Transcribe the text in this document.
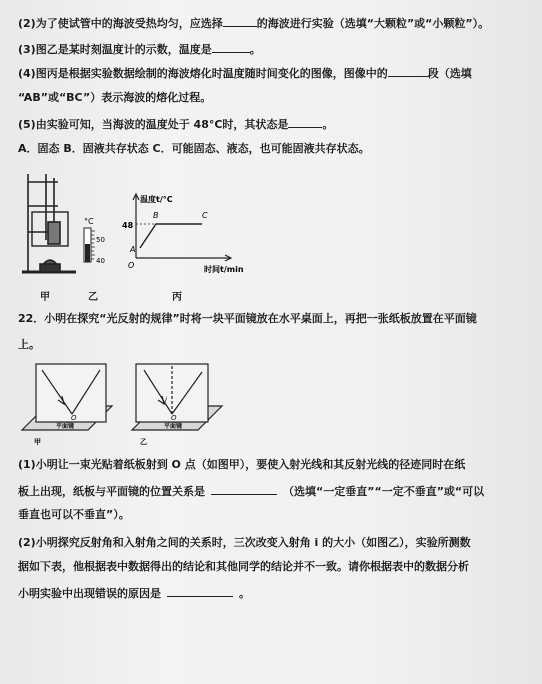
(2)为了使试管中的海波受热均匀，应选择	的海波进行实验（选填“大颗粒”或“小颗粒”）。
(3)图乙是某时刻温度计的示数，温度是	。
(4)图丙是根据实验数据绘制的海波熔化时温度随时间变化的图像，图像中的	段（选填
“AB”或“BC”）表示海波的熔化过程。
(5)由实验可知，当海波的温度处于 48°C时，其状态是	。
A．固态 B．固液共存状态 C．可能固态、液态，也可能固液共存状态。
°C
50
40
温度t/°C
48
A
B	C
O	时间t/min
甲	乙	丙
22．小明在探究“光反射的规律”时将一块平面镜放在水平桌面上，再把一张纸板放置在平面镜
上。
O
平面镜
i
O
平面镜
甲	乙
(1)小明让一束光贴着纸板射到 O 点（如图甲），要使入射光线和其反射光线的径迹同时在纸
板上出现，纸板与平面镜的位置关系是	（选填“一定垂直”“一定不垂直”或“可以
垂直也可以不垂直”）。
(2)小明探究反射角和入射角之间的关系时，三次改变入射角 i 的大小（如图乙），实验所测数
据如下表，他根据表中数据得出的结论和其他同学的结论并不一致。请你根据表中的数据分析
小明实验中出现错误的原因是	。
